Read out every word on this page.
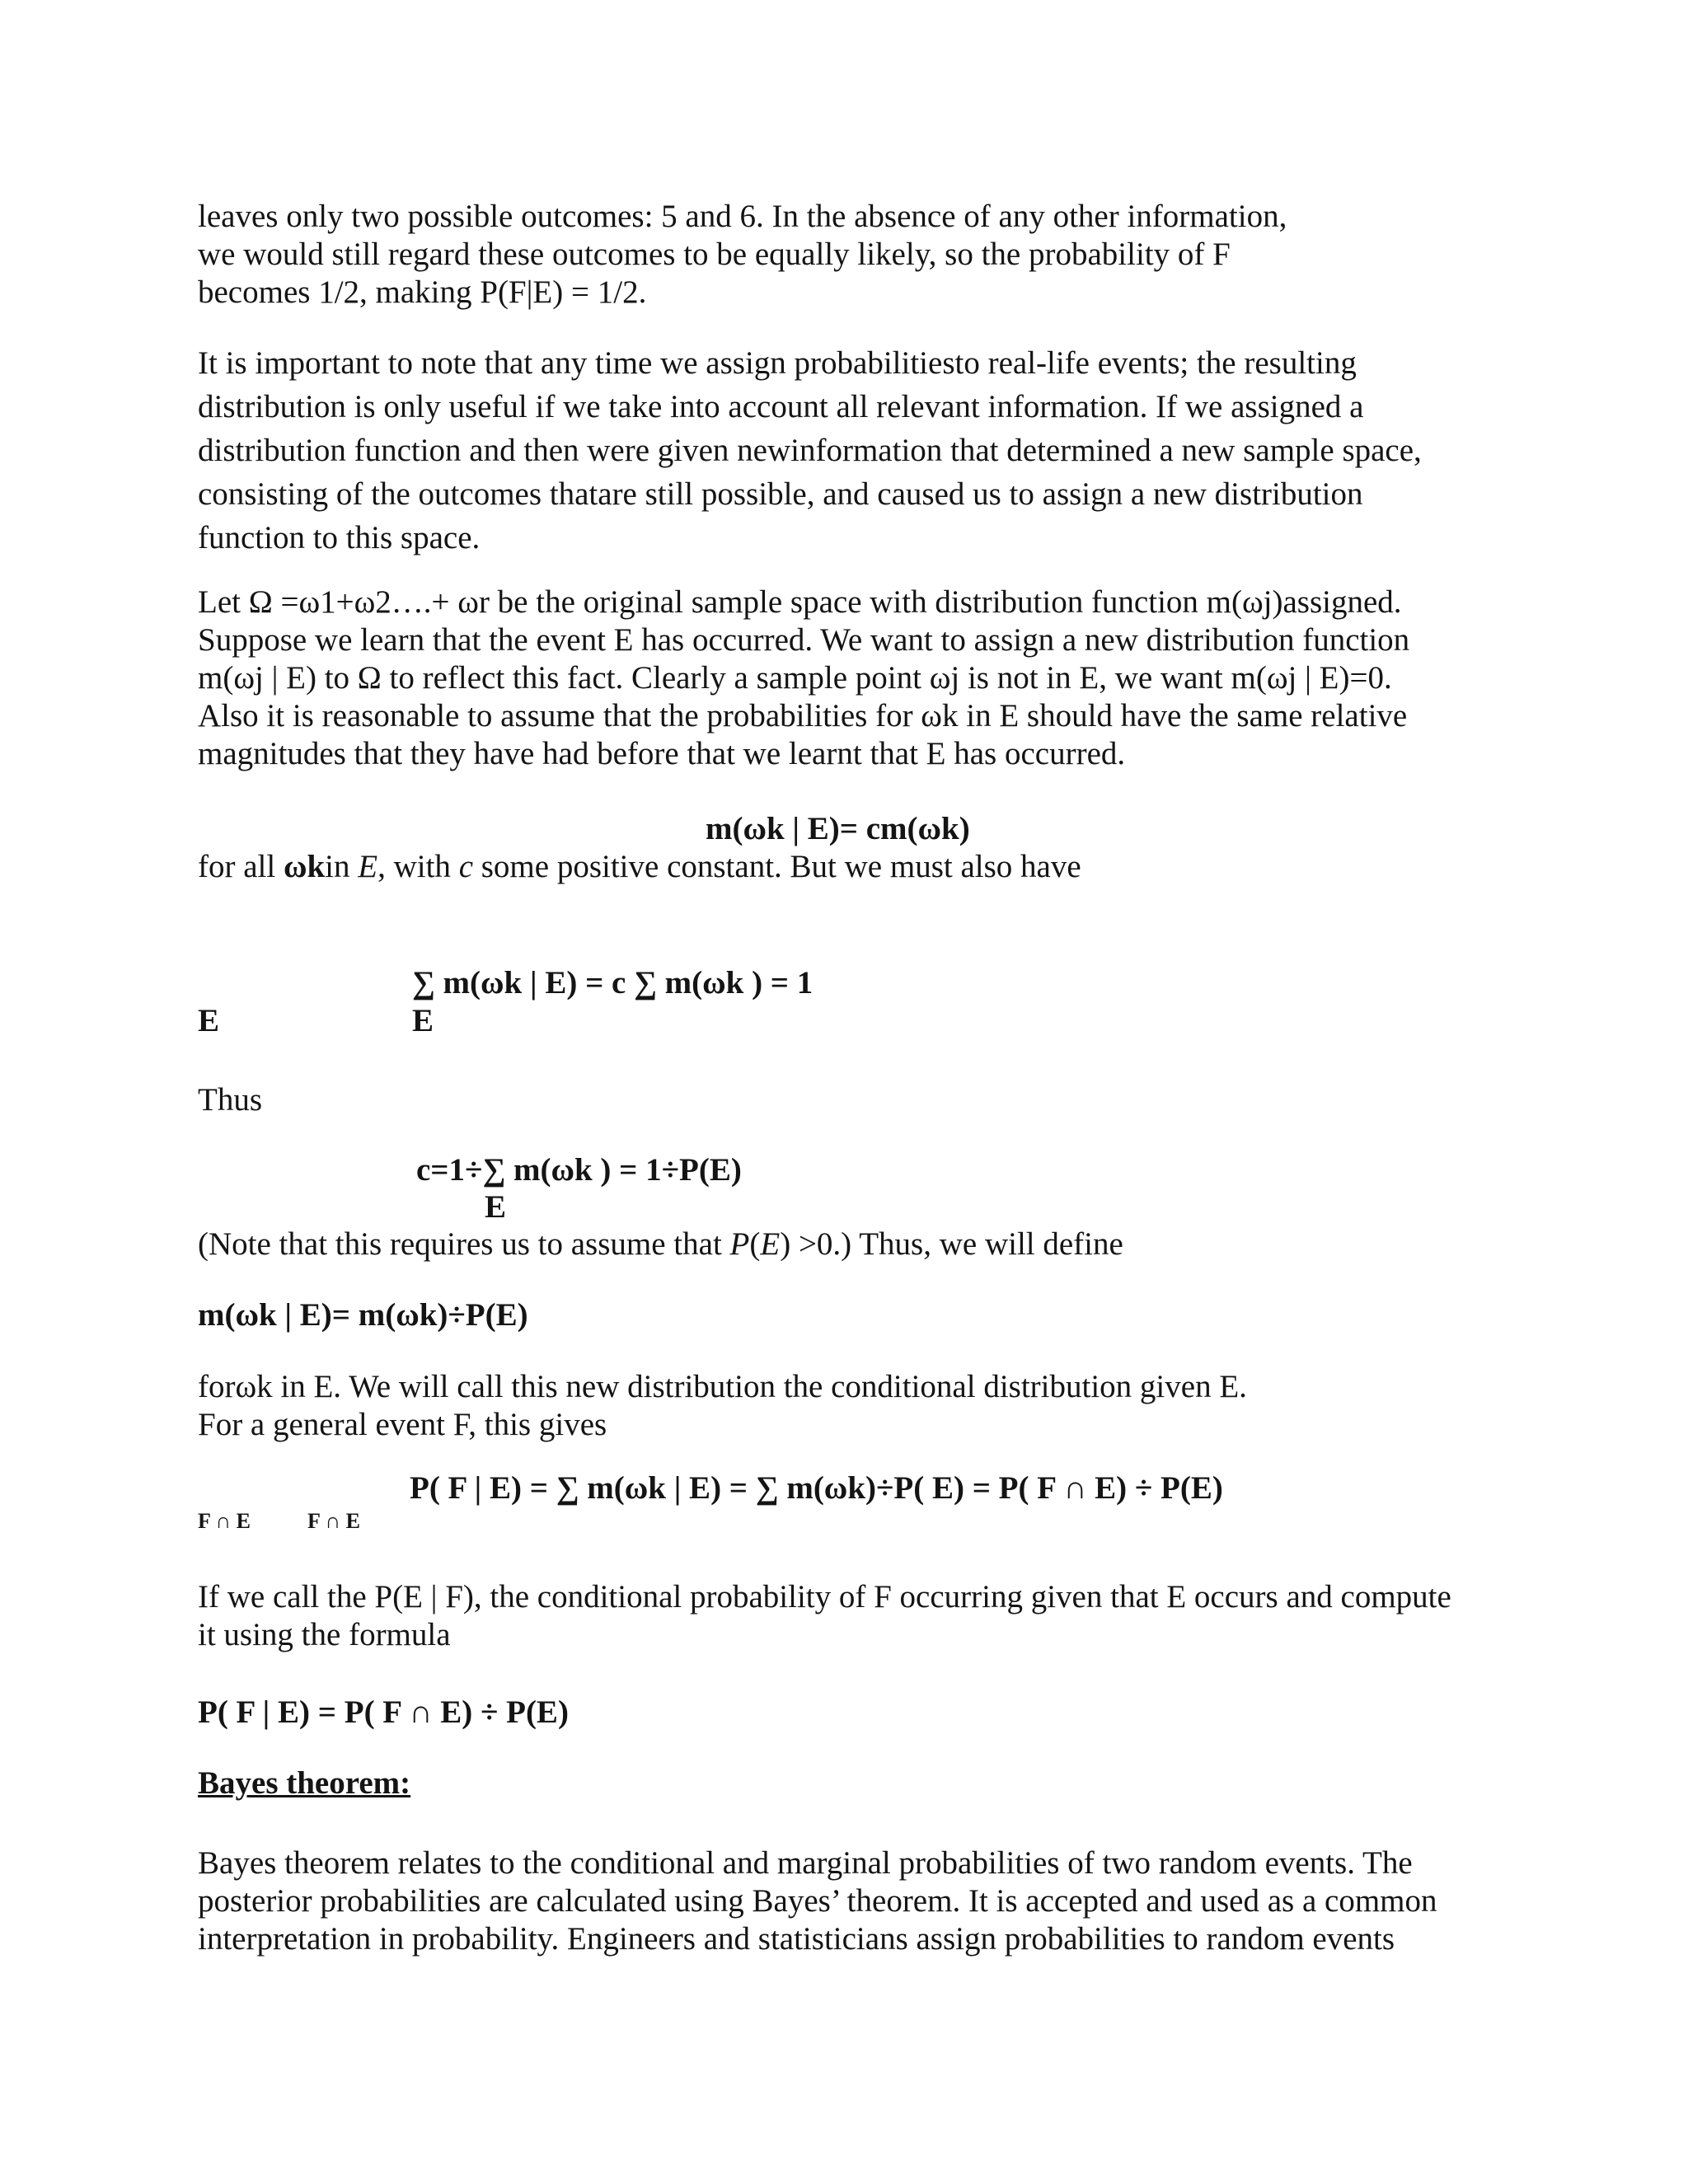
leaves only two possible outcomes: 5 and 6. In the absence of any other information,
we would still regard these outcomes to be equally likely, so the probability of F
becomes 1/2, making P(F|E) = 1/2.
It is important to note that any time we assign probabilitiesto real-life events; the resulting
distribution is only useful if we take into account all relevant information. If we assigned a
distribution function and then were given newinformation that determined a new sample space,
consisting of the outcomes thatare still possible, and caused us to assign a new distribution
function to this space.
Let Ω =ω1+ω2….+ ωr be the original sample space with distribution function m(ωj)assigned.
Suppose we learn that the event E has occurred. We want to assign a new distribution function
m(ωj | E) to Ω to reflect this fact. Clearly a sample point ωj is not in E, we want m(ωj | E)=0.
Also it is reasonable to assume that the probabilities for ωk in E should have the same relative
magnitudes that they have had before that we learnt that E has occurred.
m(ωk | E)= cm(ωk)
for all ωkin E, with c some positive constant. But we must also have
∑ m(ωk | E) = c ∑ m(ωk ) = 1
E
E
Thus
c=1÷∑ m(ωk ) = 1÷P(E)
E
(Note that this requires us to assume that P(E) >0.) Thus, we will define
m(ωk | E)= m(ωk)÷P(E)
forωk in E. We will call this new distribution the conditional distribution given E.
For a general event F, this gives
P( F | E) = ∑ m(ωk | E) = ∑ m(ωk)÷P( E) = P( F ∩ E) ÷ P(E)
F ∩ E	F ∩ E
If we call the P(E | F), the conditional probability of F occurring given that E occurs and compute
it using the formula
P( F | E) = P( F ∩ E) ÷ P(E)
Bayes theorem:
Bayes theorem relates to the conditional and marginal probabilities of two random events. The
posterior probabilities are calculated using Bayes’ theorem. It is accepted and used as a common
interpretation in probability. Engineers and statisticians assign probabilities to random events
